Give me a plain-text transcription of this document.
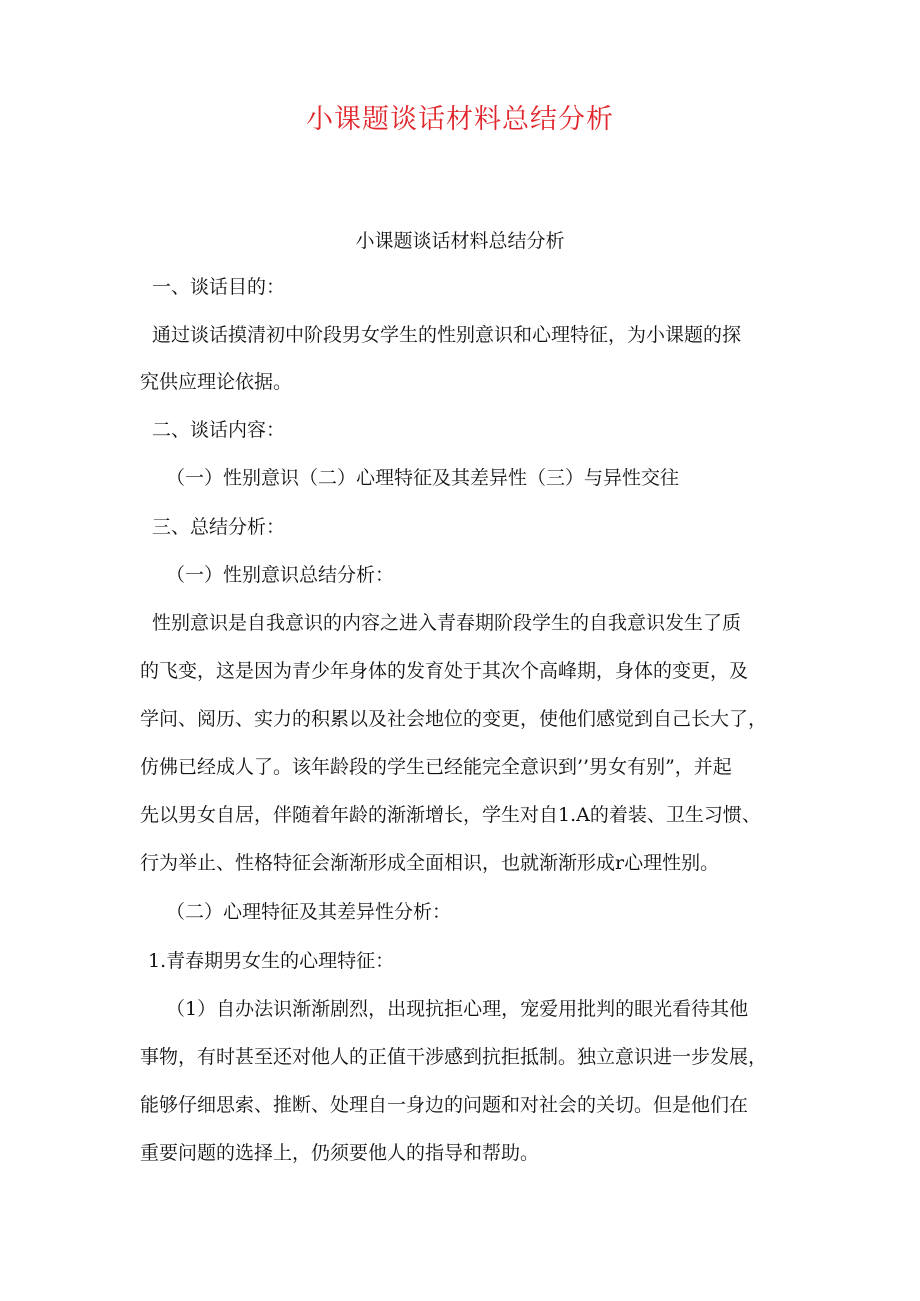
小课题谈话材料总结分析
小课题谈话材料总结分析
一、谈话目的：
通过谈话摸清初中阶段男女学生的性别意识和心理特征，为小课题的探
究供应理论依据。
二、谈话内容：
（一）性别意识（二）心理特征及其差异性（三）与异性交往
三、总结分析：
（一）性别意识总结分析：
性别意识是自我意识的内容之进入青春期阶段学生的自我意识发生了质
的飞变，这是因为青少年身体的发育处于其次个高峰期，身体的变更，及
学问、阅历、实力的积累以及社会地位的变更，使他们感觉到自己长大了，
仿佛已经成人了。该年龄段的学生已经能完全意识到’’男女有别”，并起
先以男女自居，伴随着年龄的渐渐增长，学生对自1.A的着装、卫生习惯、
行为举止、性格特征会渐渐形成全面相识，也就渐渐形成r心理性别。
（二）心理特征及其差异性分析：
1.青春期男女生的心理特征：
（1）自办法识渐渐剧烈，出现抗拒心理，宠爱用批判的眼光看待其他
事物，有时甚至还对他人的正值干涉感到抗拒抵制。独立意识进一步发展，
能够仔细思索、推断、处理自一身边的问题和对社会的关切。但是他们在
重要问题的选择上，仍须要他人的指导和帮助。
